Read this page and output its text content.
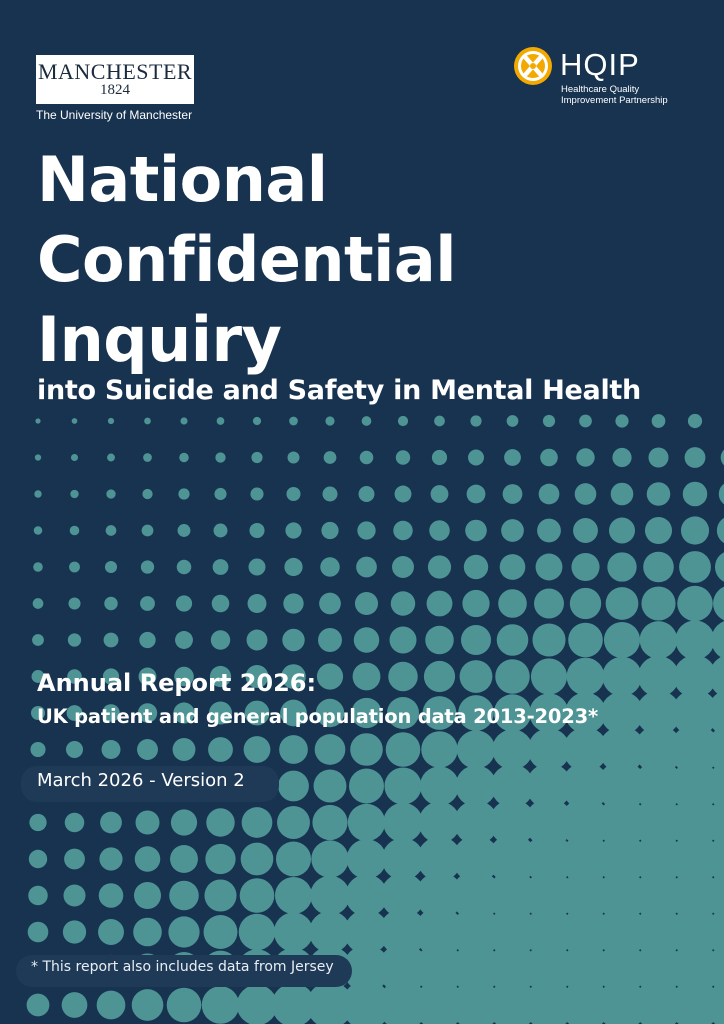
MANCHESTER
1824
The University of Manchester
HQIP
Healthcare Quality
Improvement Partnership
National
Confidential
Inquiry
into Suicide and Safety in Mental Health
Annual Report 2026:
UK patient and general population data 2013-2023*
March 2026 - Version 2
* This report also includes data from Jersey
